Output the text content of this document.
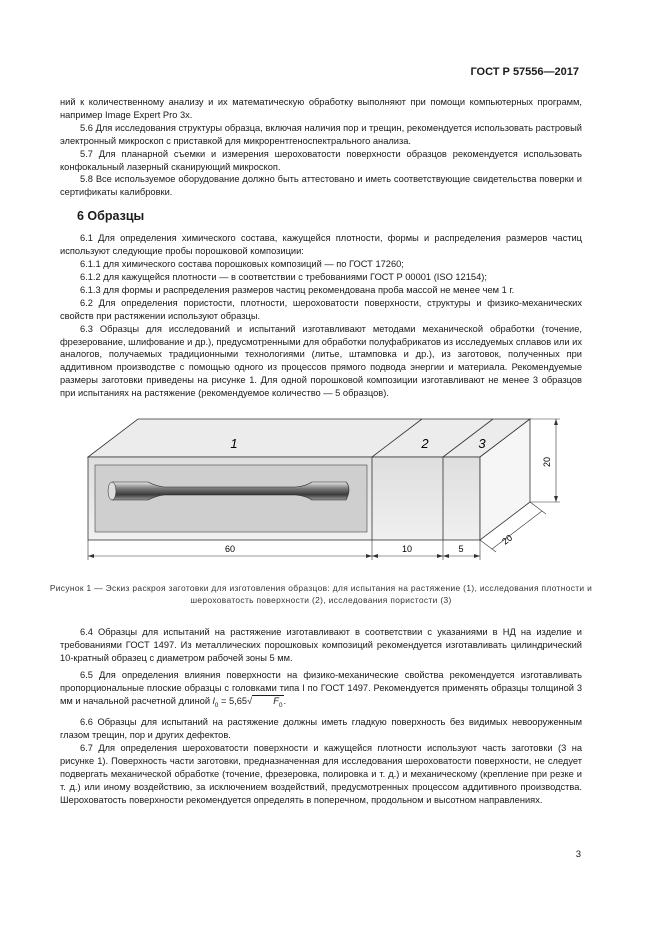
ГОСТ Р 57556—2017

ний к количественному анализу и их математическую обработку выполняют при помощи компьютерных программ, например Image Expert Pro 3x.

5.6 Для исследования структуры образца, включая наличия пор и трещин, рекомендуется использовать растровый электронный микроскоп с приставкой для микрорентгеноспектрального анализа.

5.7 Для планарной съемки и измерения шероховатости поверхности образцов рекомендуется использовать конфокальный лазерный сканирующий микроскоп.

5.8 Все используемое оборудование должно быть аттестовано и иметь соответствующие свидетельства поверки и сертификаты калибровки.

6 Образцы

6.1 Для определения химического состава, кажущейся плотности, формы и распределения размеров частиц используют следующие пробы порошковой композиции:

6.1.1 для химического состава порошковых композиций — по ГОСТ 17260;

6.1.2 для кажущейся плотности — в соответствии с требованиями ГОСТ Р 00001 (ISO 12154);

6.1.3 для формы и распределения размеров частиц рекомендована проба массой не менее чем 1 г.

6.2 Для определения пористости, плотности, шероховатости поверхности, структуры и физико-механических свойств при растяжении используют образцы.

6.3 Образцы для исследований и испытаний изготавливают методами механической обработки (точение, фрезерование, шлифование и др.), предусмотренными для обработки полуфабрикатов из исследуемых сплавов или их аналогов, получаемых традиционными технологиями (литье, штамповка и др.), из заготовок, полученных при аддитивном производстве с помощью одного из процессов прямого подвода энергии и материала. Рекомендуемые размеры заготовки приведены на рисунке 1. Для одной порошковой композиции изготавливают не менее 3 образцов при испытаниях на растяжение (рекомендуемое количество — 5 образцов).

1	2	3
60	10	5
20
20
Рисунок 1 — Эскиз раскроя заготовки для изготовления образцов: для испытания на растяжение (1), исследования плотности и шероховатость поверхности (2), исследования пористости (3)

6.4 Образцы для испытаний на растяжение изготавливают в соответствии с указаниями в НД на изделие и требованиями ГОСТ 1497. Из металлических порошковых композиций рекомендуется изготавливать цилиндрический 10-кратный образец с диаметром рабочей зоны 5 мм.

6.5 Для определения влияния поверхности на физико-механические свойства рекомендуется изготавливать пропорциональные плоские образцы с головками типа I по ГОСТ 1497. Рекомендуется применять образцы толщиной 3 мм и начальной расчетной длиной $l_0 = 5,65√$ $F_0$.

6.6 Образцы для испытаний на растяжение должны иметь гладкую поверхность без видимых невооруженным глазом трещин, пор и других дефектов.

6.7 Для определения шероховатости поверхности и кажущейся плотности используют часть заготовки (3 на рисунке 1). Поверхность части заготовки, предназначенная для исследования шероховатости поверхности, не следует подвергать механической обработке (точение, фрезеровка, полировка и т. д.) и механическому (крепление при резке и т. д.) или иному воздействию, за исключением воздействий, предусмотренных процессом аддитивного производства. Шероховатость поверхности рекомендуется определять в поперечном, продольном и высотном направлениях.

3
